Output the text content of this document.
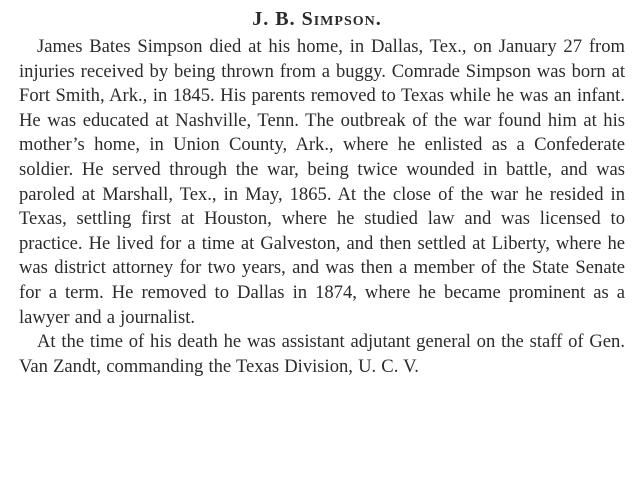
J. B. Simpson.

James Bates Simpson died at his home, in Dallas, Tex., on January 27 from injuries received by being thrown from a buggy. Comrade Simpson was born at Fort Smith, Ark., in 1845. His parents removed to Texas while he was an infant. He was educated at Nashville, Tenn. The outbreak of the war found him at his mother’s home, in Union County, Ark., where he enlisted as a Confederate soldier. He served through the war, being twice wounded in battle, and was paroled at Marshall, Tex., in May, 1865. At the close of the war he resided in Texas, settling first at Houston, where he studied law and was licensed to practice. He lived for a time at Galveston, and then settled at Liberty, where he was district attorney for two years, and was then a member of the State Senate for a term. He removed to Dallas in 1874, where he became prominent as a lawyer and a journalist.

At the time of his death he was assistant adjutant general on the staff of Gen. Van Zandt, commanding the Texas Division, U. C. V.
